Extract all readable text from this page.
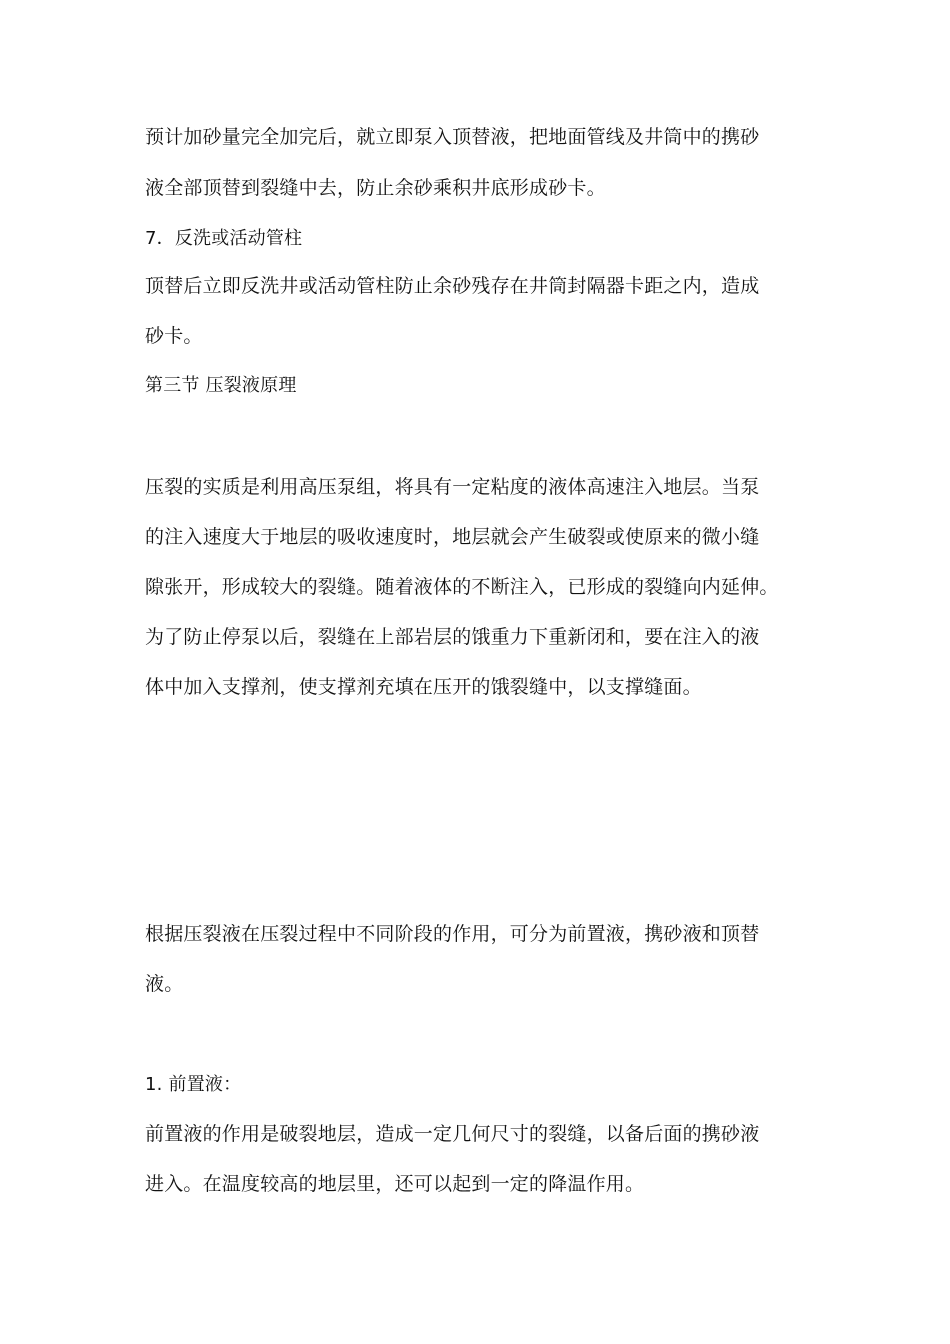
预计加砂量完全加完后，就立即泵入顶替液，把地面管线及井筒中的携砂
液全部顶替到裂缝中去，防止余砂乘积井底形成砂卡。
7．反洗或活动管柱
顶替后立即反洗井或活动管柱防止余砂残存在井筒封隔器卡距之内，造成
砂卡。
第三节 压裂液原理
压裂的实质是利用高压泵组，将具有一定粘度的液体高速注入地层。当泵
的注入速度大于地层的吸收速度时，地层就会产生破裂或使原来的微小缝
隙张开，形成较大的裂缝。随着液体的不断注入，已形成的裂缝向内延伸。
为了防止停泵以后，裂缝在上部岩层的饿重力下重新闭和，要在注入的液
体中加入支撑剂，使支撑剂充填在压开的饿裂缝中，以支撑缝面。
根据压裂液在压裂过程中不同阶段的作用，可分为前置液，携砂液和顶替
液。
1. 前置液：
前置液的作用是破裂地层，造成一定几何尺寸的裂缝，以备后面的携砂液
进入。在温度较高的地层里，还可以起到一定的降温作用。
